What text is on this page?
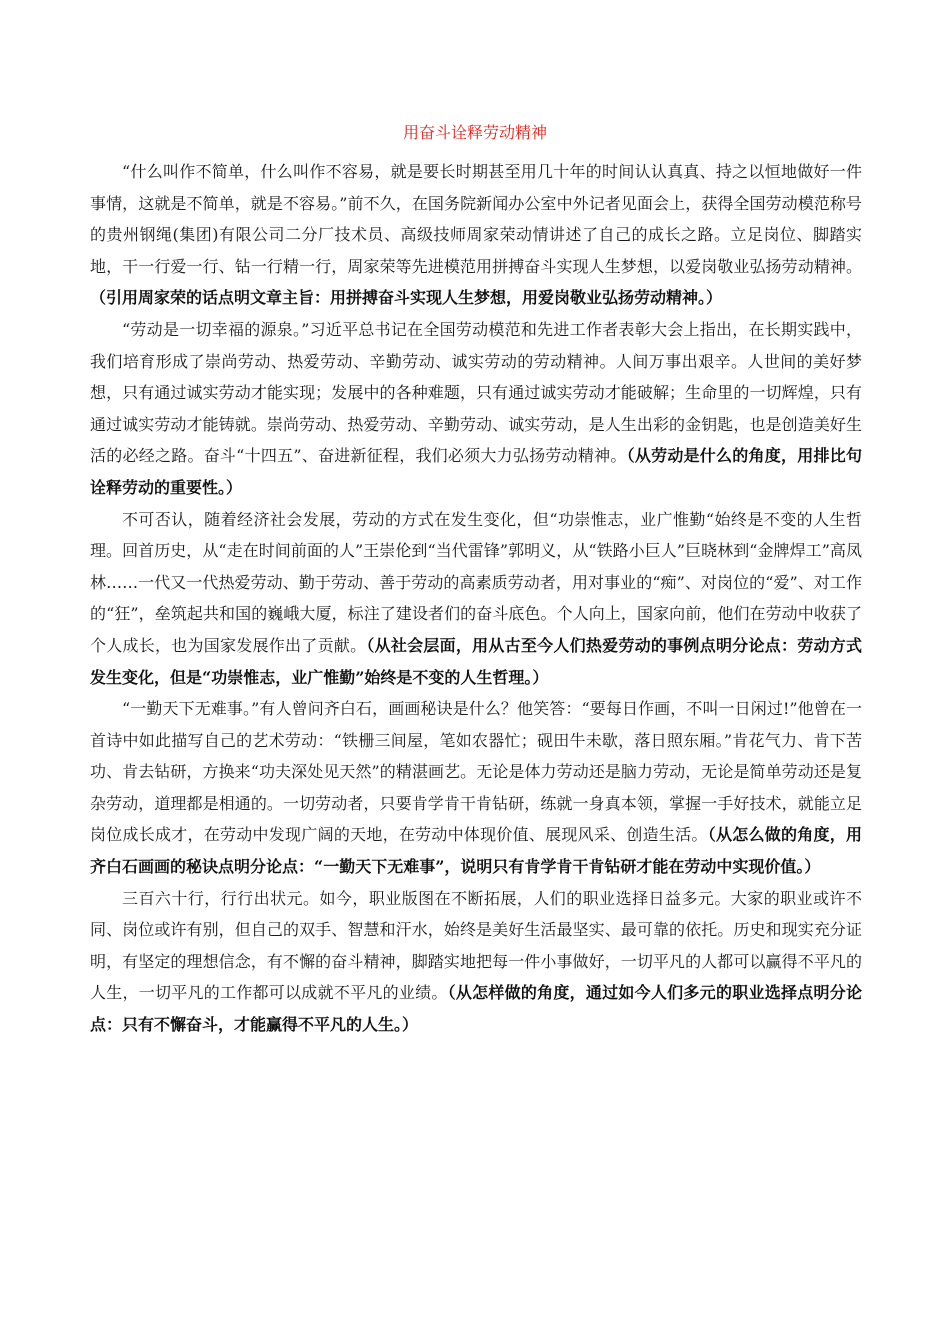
用奋斗诠释劳动精神

“什么叫作不简单，什么叫作不容易，就是要长时期甚至用几十年的时间认认真真、持之以恒地做好一件事情，这就是不简单，就是不容易。”前不久，在国务院新闻办公室中外记者见面会上，获得全国劳动模范称号的贵州钢绳(集团)有限公司二分厂技术员、高级技师周家荣动情讲述了自己的成长之路。立足岗位、脚踏实地，干一行爱一行、钻一行精一行，周家荣等先进模范用拼搏奋斗实现人生梦想，以爱岗敬业弘扬劳动精神。（引用周家荣的话点明文章主旨：用拼搏奋斗实现人生梦想，用爱岗敬业弘扬劳动精神。）

“劳动是一切幸福的源泉。”习近平总书记在全国劳动模范和先进工作者表彰大会上指出，在长期实践中，我们培育形成了崇尚劳动、热爱劳动、辛勤劳动、诚实劳动的劳动精神。人间万事出艰辛。人世间的美好梦想，只有通过诚实劳动才能实现；发展中的各种难题，只有通过诚实劳动才能破解；生命里的一切辉煌，只有通过诚实劳动才能铸就。崇尚劳动、热爱劳动、辛勤劳动、诚实劳动，是人生出彩的金钥匙，也是创造美好生活的必经之路。奋斗“十四五”、奋进新征程，我们必须大力弘扬劳动精神。（从劳动是什么的角度，用排比句诠释劳动的重要性。）

不可否认，随着经济社会发展，劳动的方式在发生变化，但“功崇惟志，业广惟勤“始终是不变的人生哲理。回首历史，从“走在时间前面的人”王崇伦到“当代雷锋”郭明义，从“铁路小巨人”巨晓林到“金牌焊工”高凤林……一代又一代热爱劳动、勤于劳动、善于劳动的高素质劳动者，用对事业的“痴”、对岗位的“爱”、对工作的“狂”，垒筑起共和国的巍峨大厦，标注了建设者们的奋斗底色。个人向上，国家向前，他们在劳动中收获了个人成长，也为国家发展作出了贡献。（从社会层面，用从古至今人们热爱劳动的事例点明分论点：劳动方式发生变化，但是“功崇惟志，业广惟勤”始终是不变的人生哲理。）

“一勤天下无难事。”有人曾问齐白石，画画秘诀是什么？他笑答：“要每日作画，不叫一日闲过!”他曾在一首诗中如此描写自己的艺术劳动：“铁栅三间屋，笔如农器忙；砚田牛未歇，落日照东厢。”肯花气力、肯下苦功、肯去钻研，方换来“功夫深处见天然”的精湛画艺。无论是体力劳动还是脑力劳动，无论是简单劳动还是复杂劳动，道理都是相通的。一切劳动者，只要肯学肯干肯钻研，练就一身真本领，掌握一手好技术，就能立足岗位成长成才，在劳动中发现广阔的天地，在劳动中体现价值、展现风采、创造生活。（从怎么做的角度，用齐白石画画的秘诀点明分论点：“一勤天下无难事”，说明只有肯学肯干肯钻研才能在劳动中实现价值。）

三百六十行，行行出状元。如今，职业版图在不断拓展，人们的职业选择日益多元。大家的职业或许不同、岗位或许有别，但自己的双手、智慧和汗水，始终是美好生活最坚实、最可靠的依托。历史和现实充分证明，有坚定的理想信念，有不懈的奋斗精神，脚踏实地把每一件小事做好，一切平凡的人都可以赢得不平凡的人生，一切平凡的工作都可以成就不平凡的业绩。（从怎样做的角度，通过如今人们多元的职业选择点明分论点：只有不懈奋斗，才能赢得不平凡的人生。）
